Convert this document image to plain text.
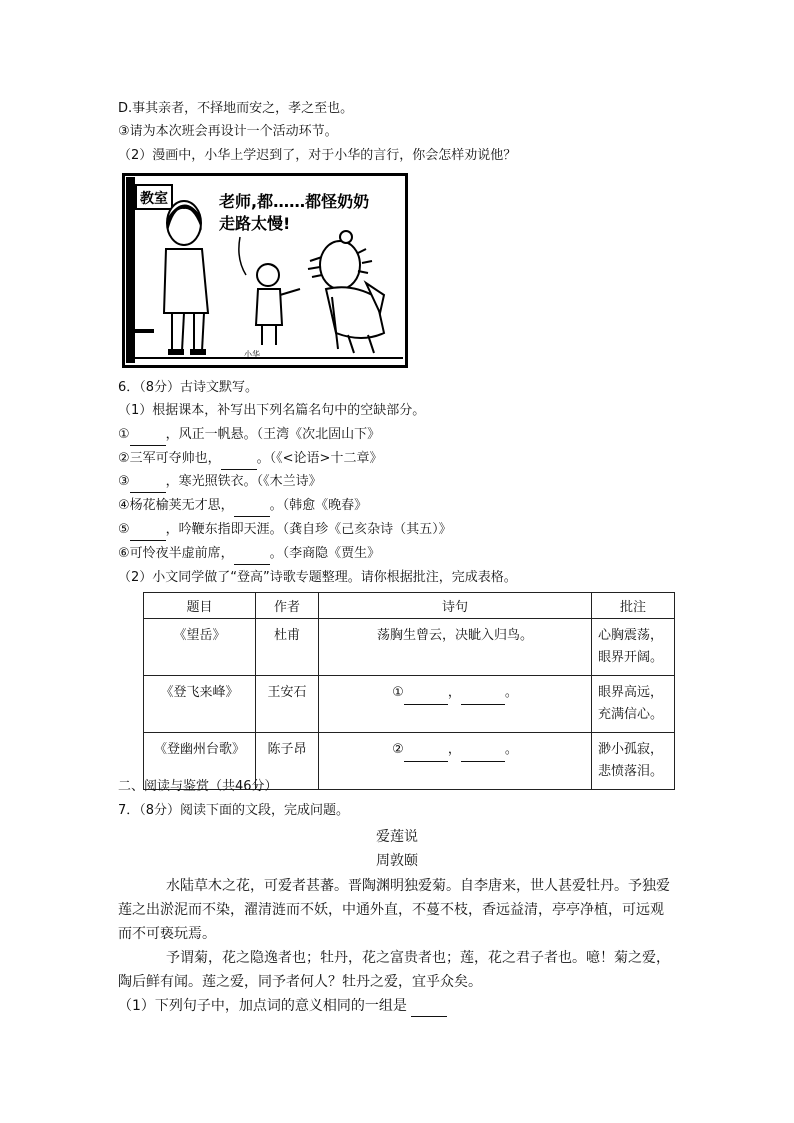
D.事其亲者，不择地而安之，孝之至也。
③请为本次班会再设计一个活动环节。
（2）漫画中，小华上学迟到了，对于小华的言行，你会怎样劝说他？
教室	老师,都……都怪奶奶
走路太慢!
小华
6．（8分）古诗文默写。
（1）根据课本，补写出下列名篇名句中的空缺部分。
①	，风正一帆悬。（王湾《次北固山下》
②三军可夺帅也，	。（《<论语>十二章》
③	，寒光照铁衣。（《木兰诗》
④杨花榆荚无才思，	。（韩愈《晚春》
⑤	，吟鞭东指即天涯。（龚自珍《己亥杂诗（其五）》
⑥可怜夜半虚前席，	。（李商隐《贾生》
（2）小文同学做了“登高”诗歌专题整理。请你根据批注，完成表格。
题目	作者	诗句	批注
《望岳》	杜甫	荡胸生曾云，决眦入归鸟。	心胸震荡，
眼界开阔。

《登飞来峰》	王安石	① ， 。	眼界高远，
充满信心。

《登幽州台歌》	陈子昂	② ， 。	渺小孤寂，
悲愤落泪。
二、阅读与鉴赏（共46分）
7．（8分）阅读下面的文段，完成问题。
爱莲说
周敦颐
水陆草木之花，可爱者甚蕃。晋陶渊明独爱菊。自李唐来，世人甚爱牡丹。予独爱莲之出淤泥而不染，濯清涟而不妖，中通外直，不蔓不枝，香远益清，亭亭净植，可远观而不可亵玩焉。
予谓菊，花之隐逸者也；牡丹，花之富贵者也；莲，花之君子者也。噫！菊之爱，陶后鲜有闻。莲之爱，同予者何人？牡丹之爱，宜乎众矣。
（1）下列句子中，加点词的意义相同的一组是
